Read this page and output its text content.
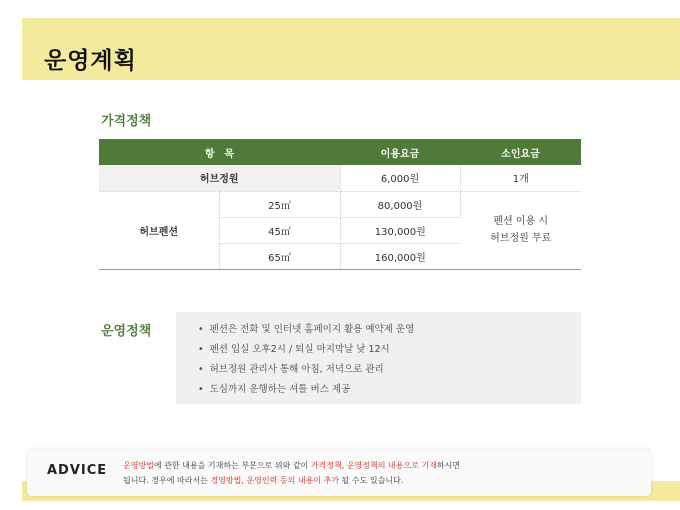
운영계획
가격정책
항　목		이용요금	소인요금
허브정원		6,000원	1개
허브펜션	25㎡	80,000원	펜션 이용 시
허브정원 무료

	45㎡	130,000원	
	65㎡	160,000원	
운영정책	• 펜션은 전화 및 인터넷 홈페이지 활용 예약제 운영
• 펜션 입실 오후2시 / 퇴실 마지막날 낮 12시
• 허브정원 관리사 통해 아침, 저녁으로 관리
• 도심까지 운행하는 셔틀 버스 제공
ADVICE 운영방법에 관한 내용을 기재하는 부분으로 위와 같이 가격정책, 운영정책의 내용으로 기재하시면
됩니다. 경우에 따라서는 경영방법, 운영인력 등의 내용이 추가 될 수도 있습니다.
